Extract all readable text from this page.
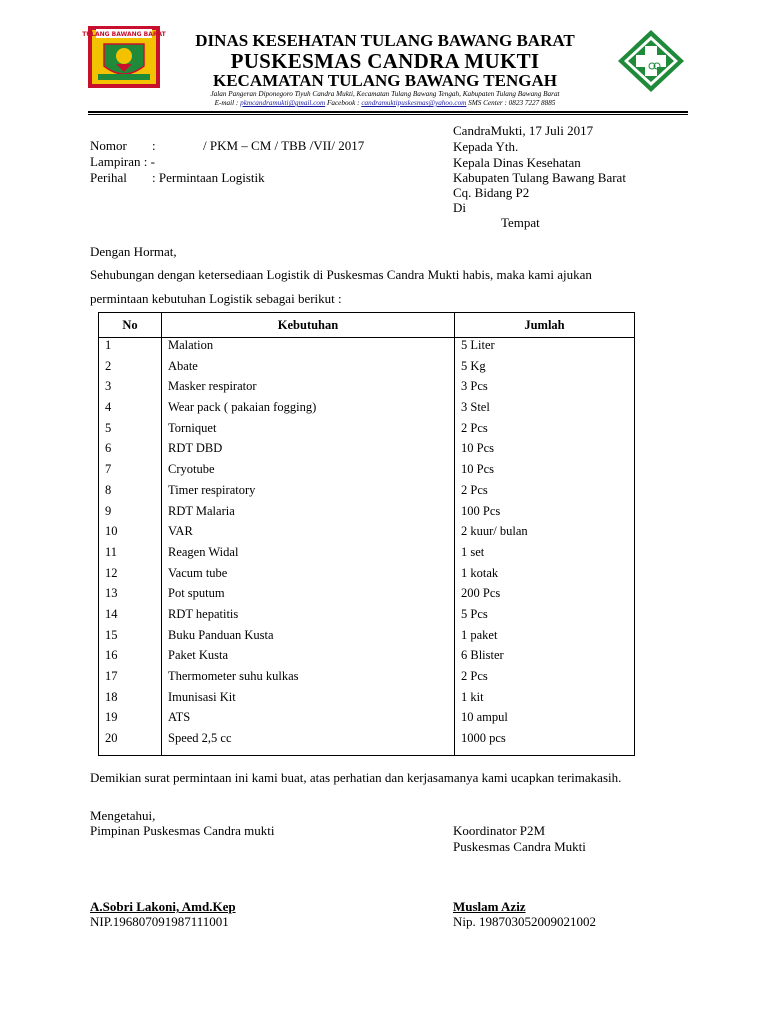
TULANG BAWANG BARAT	DINAS KESEHATAN TULANG BAWANG BARAT
PUSKESMAS CANDRA MUKTI
KECAMATAN TULANG BAWANG TENGAH
Jalan Pangeran Diponegoro Tiyuh Candra Mukti, Kecamatan Tulang Bawang Tengah, Kabupaten Tulang Bawang Barat
E-mail : pkmcandramukti@gmail.com Facebook : candramuktipuskesmas@yahoo.com SMS Center : 0823 7227 8885
CandraMukti, 17 Juli 2017
Nomor :	/ PKM – CM / TBB /VII/ 2017
Lampiran : -
Perihal : Permintaan Logistik
Kepada Yth.
Kepala Dinas Kesehatan
Kabupaten Tulang Bawang Barat
Cq. Bidang P2
Di
Tempat
Dengan Hormat,
Sehubungan dengan ketersediaan Logistik di Puskesmas Candra Mukti habis, maka kami ajukan
permintaan kebutuhan Logistik sebagai berikut :
No	Kebutuhan	Jumlah
1	Malation	5 Liter
2	Abate	5 Kg
3	Masker respirator	3 Pcs
4	Wear pack ( pakaian fogging)	3 Stel
5	Torniquet	2 Pcs
6	RDT DBD	10 Pcs
7	Cryotube	10 Pcs
8	Timer respiratory	2 Pcs
9	RDT Malaria	100 Pcs
10	VAR	2 kuur/ bulan
11	Reagen Widal	1 set
12	Vacum tube	1 kotak
13	Pot sputum	200 Pcs
14	RDT hepatitis	5 Pcs
15	Buku Panduan Kusta	1 paket
16	Paket Kusta	6 Blister
17	Thermometer suhu kulkas	2 Pcs
18	Imunisasi Kit	1 kit
19	ATS	10 ampul
20	Speed 2,5 cc	1000 pcs
Demikian surat permintaan ini kami buat, atas perhatian dan kerjasamanya kami ucapkan terimakasih.
Mengetahui,
Pimpinan Puskesmas Candra mukti	Koordinator P2M
Puskesmas Candra Mukti
A.Sobri Lakoni, Amd.Kep
NIP.196807091987111001
Muslam Aziz
Nip. 198703052009021002
